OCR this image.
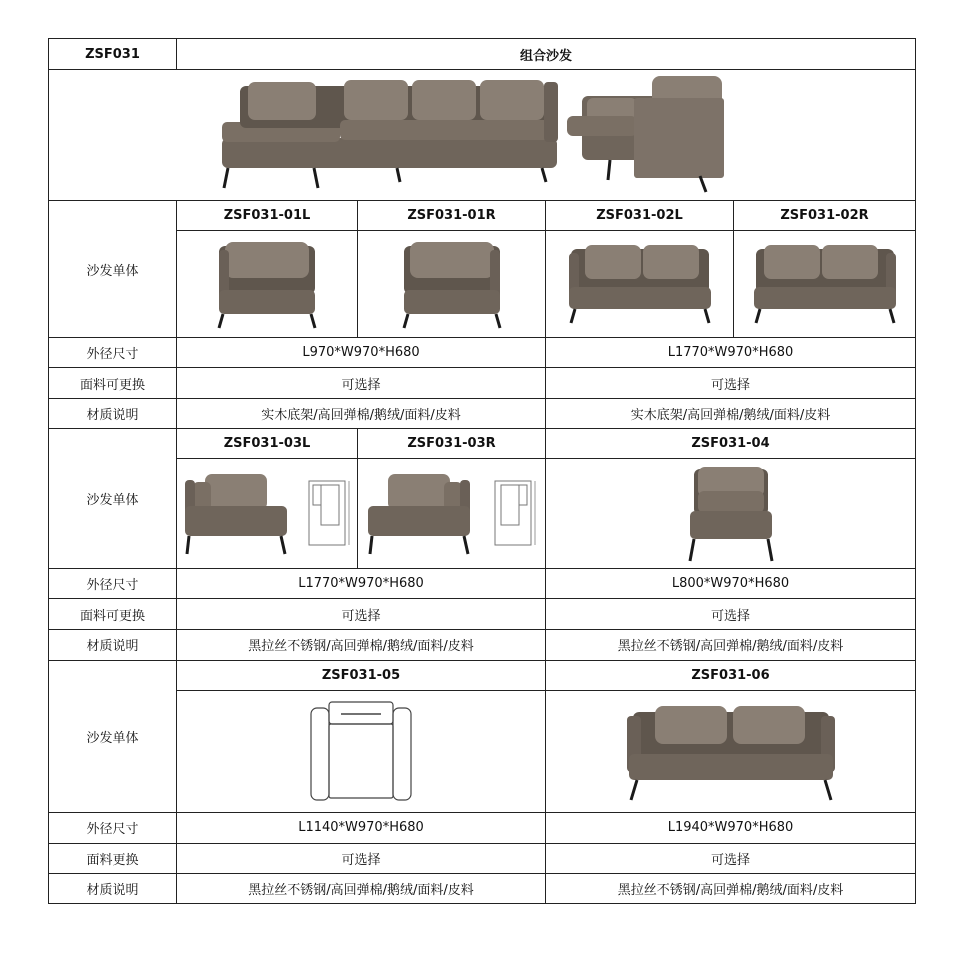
ZSF031	组合沙发			

沙发单体	ZSF031-01L	ZSF031-01R	ZSF031-02L	ZSF031-02R

外径尺寸	L970*W970*H680		L1770*W970*H680	
面料可更换	可选择		可选择	
材质说明	实木底架/高回弹棉/鹅绒/面料/皮料		实木底架/高回弹棉/鹅绒/面料/皮料	
沙发单体	ZSF031-03L	ZSF031-03R	ZSF031-04	

外径尺寸	L1770*W970*H680		L800*W970*H680	
面料可更换	可选择		可选择	
材质说明	黑拉丝不锈钢/高回弹棉/鹅绒/面料/皮料		黑拉丝不锈钢/高回弹棉/鹅绒/面料/皮料	
沙发单体	ZSF031-05		ZSF031-06	

外径尺寸	L1140*W970*H680		L1940*W970*H680	
面料更换	可选择		可选择	
材质说明	黑拉丝不锈钢/高回弹棉/鹅绒/面料/皮料		黑拉丝不锈钢/高回弹棉/鹅绒/面料/皮料	
